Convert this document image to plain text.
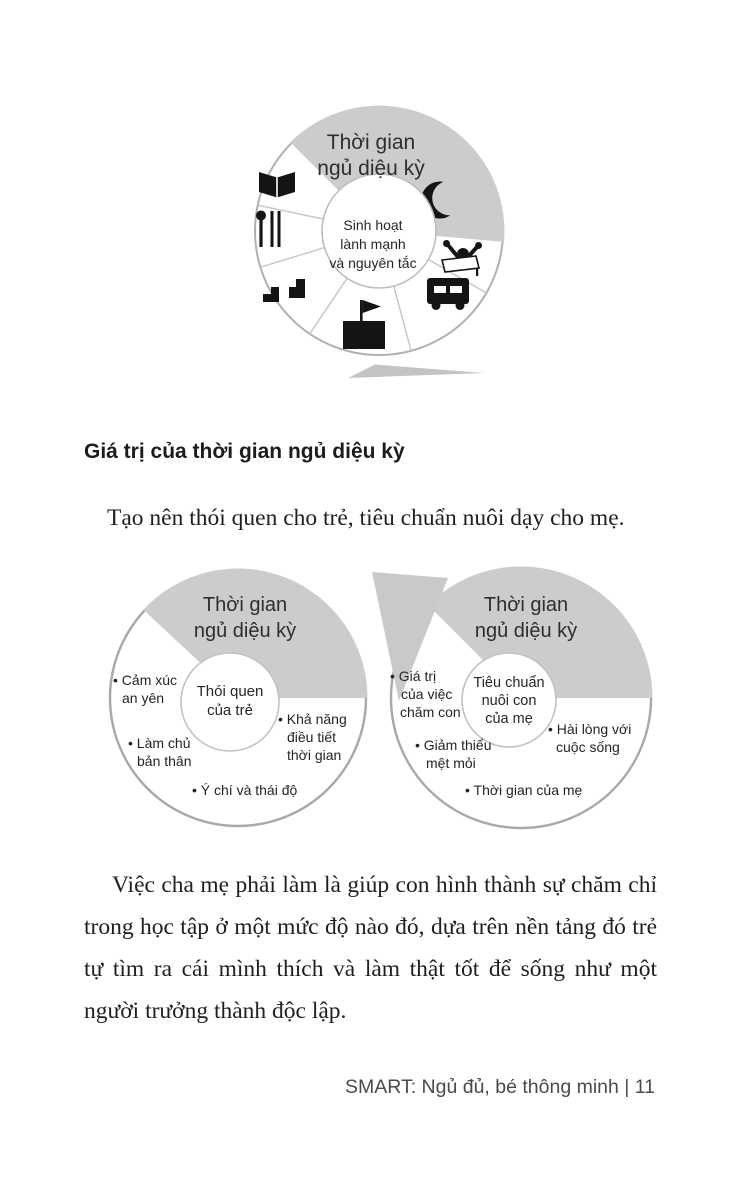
Thời gian
ngủ diệu kỳ
Sinh hoạt
lành mạnh
và nguyên tắc
Thời gian
ngủ diệu kỳ
Thói quen
của trẻ
• Cảm xúc
an yên
• Làm chủ
bản thân
• Ý chí và thái độ
• Khả năng
điều tiết
thời gian
Thời gian
ngủ diệu kỳ
Tiêu chuẩn
nuôi con
của mẹ
• Giá trị
của việc
chăm con
• Giảm thiểu
mệt mỏi
• Thời gian của mẹ
• Hài lòng với
cuộc sống
Giá trị của thời gian ngủ diệu kỳ
Tạo nên thói quen cho trẻ, tiêu chuẩn nuôi dạy cho mẹ.
Việc cha mẹ phải làm là giúp con hình thành sự chăm chỉ trong học tập ở một mức độ nào đó, dựa trên nền tảng đó trẻ tự tìm ra cái mình thích và làm thật tốt để sống như một người trưởng thành độc lập.
SMART: Ngủ đủ, bé thông minh | 11
